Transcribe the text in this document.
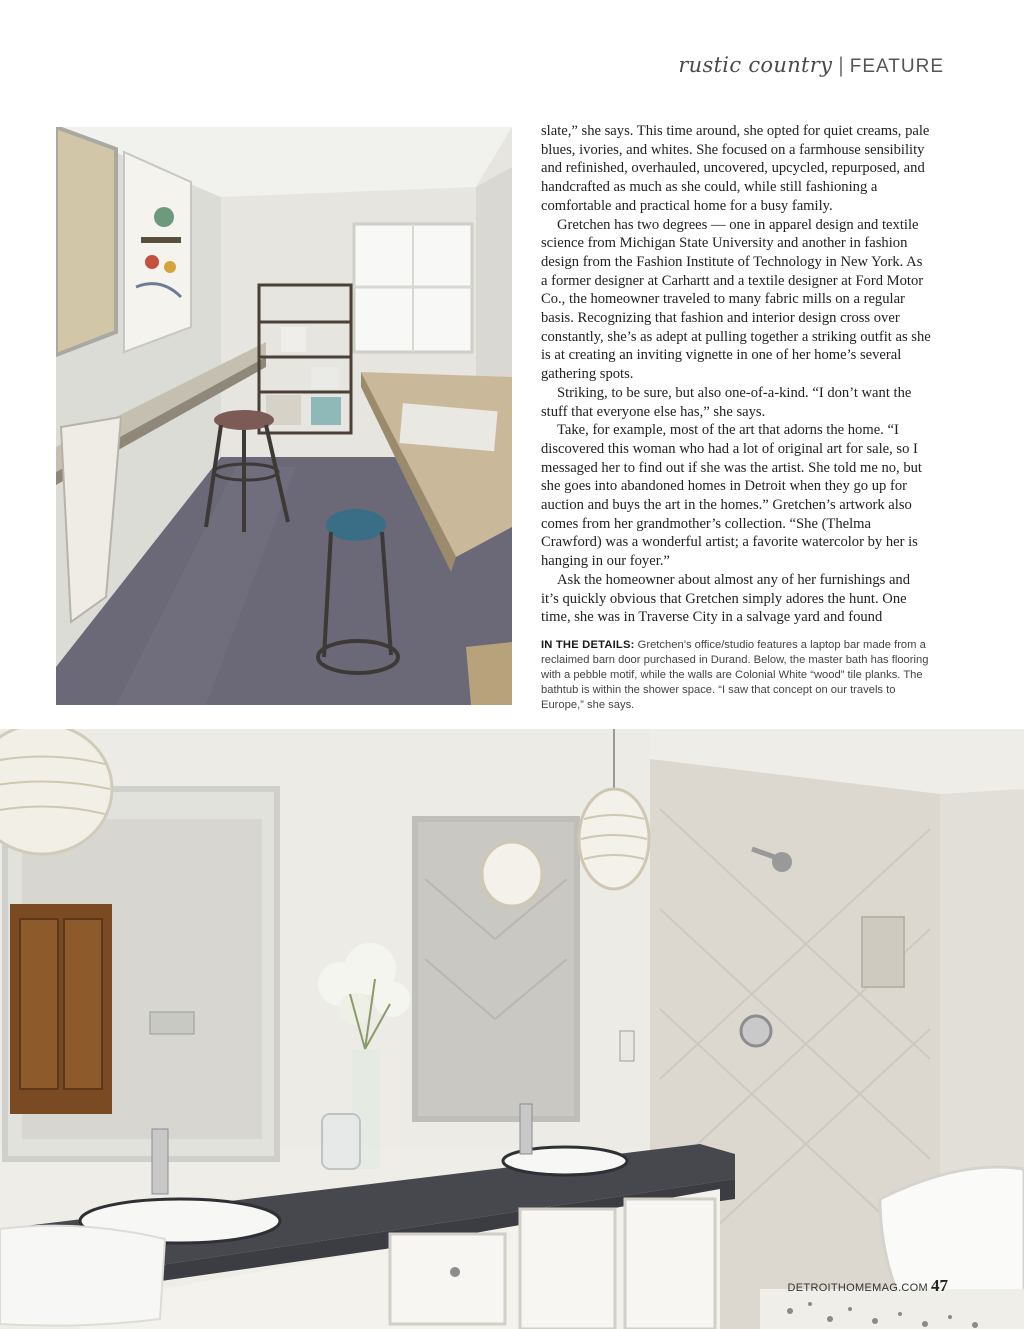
rustic country | FEATURE

slate,” she says. This time around, she opted for quiet creams, pale blues, ivories, and whites. She focused on a farmhouse sensibility and refinished, overhauled, uncovered, upcycled, repurposed, and handcrafted as much as she could, while still fashioning a comfortable and practical home for a busy family.

Gretchen has two degrees — one in apparel design and textile science from Michigan State University and another in fashion design from the Fashion Institute of Technology in New York. As a former designer at Carhartt and a textile designer at Ford Motor Co., the homeowner traveled to many fabric mills on a regular basis. Recognizing that fashion and interior design cross over constantly, she’s as adept at pulling together a striking outfit as she is at creating an inviting vignette in one of her home’s several gathering spots.

Striking, to be sure, but also one-of-a-kind. “I don’t want the stuff that everyone else has,” she says.

Take, for example, most of the art that adorns the home. “I discovered this woman who had a lot of original art for sale, so I messaged her to find out if she was the artist. She told me no, but she goes into abandoned homes in Detroit when they go up for auction and buys the art in the homes.” Gretchen’s artwork also comes from her grandmother’s collection. “She (Thelma Crawford) was a wonderful artist; a favorite watercolor by her is hanging in our foyer.”

Ask the homeowner about almost any of her furnishings and it’s quickly obvious that Gretchen simply adores the hunt. One time, she was in Traverse City in a salvage yard and found

IN THE DETAILS: Gretchen’s office/studio features a laptop bar made from a reclaimed barn door purchased in Durand. Below, the master bath has flooring with a pebble motif, while the walls are Colonial White “wood” tile planks. The bathtub is within the shower space. “I saw that concept on our travels to Europe,” she says.
DETROITHOMEMAG.COM 47
